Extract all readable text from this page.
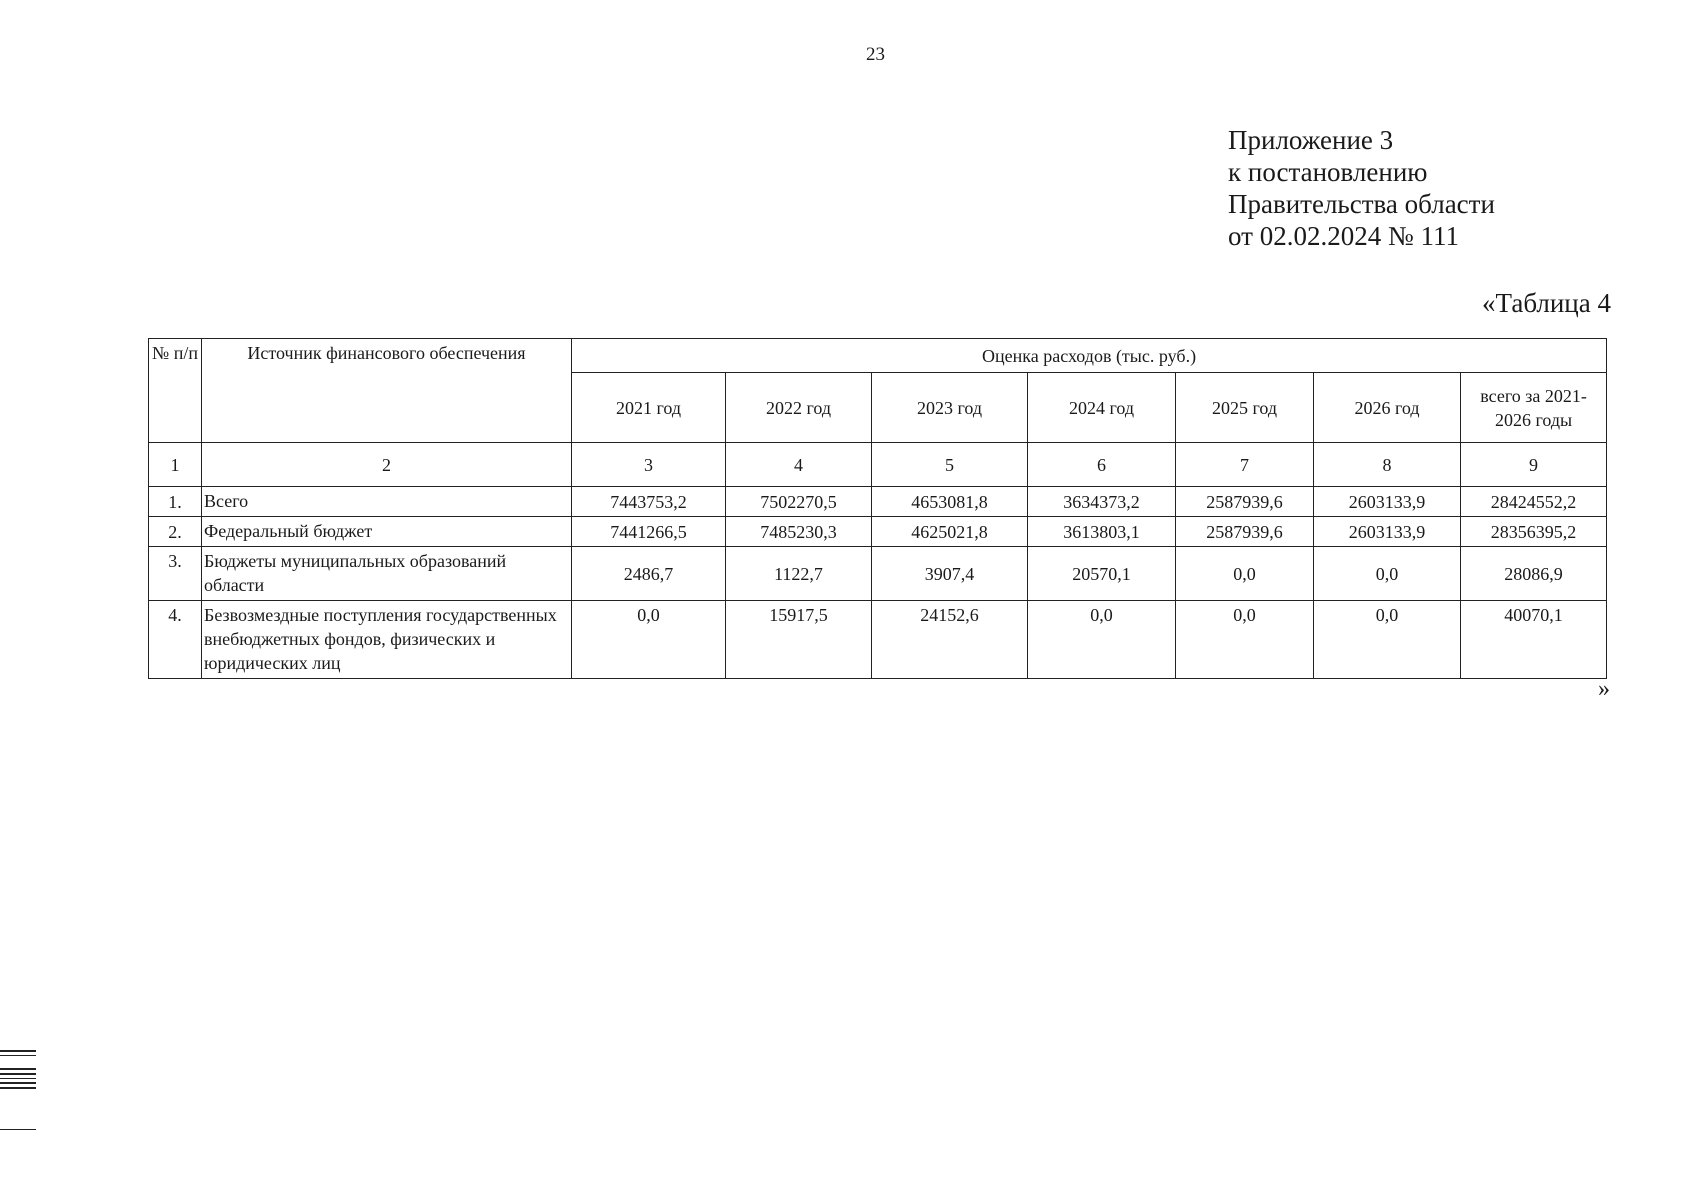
23
Приложение 3
к постановлению
Правительства области
от 02.02.2024 № 111
«Таблица 4
№ п/п	Источник финансового обеспечения	Оценка расходов (тыс. руб.)						
		2021 год	2022 год	2023 год	2024 год	2025 год	2026 год	всего за 2021-2026 годы
1	2	3	4	5	6	7	8	9
1.	Всего	7443753,2	7502270,5	4653081,8	3634373,2	2587939,6	2603133,9	28424552,2
2.	Федеральный бюджет	7441266,5	7485230,3	4625021,8	3613803,1	2587939,6	2603133,9	28356395,2
3.	Бюджеты муниципальных образований области	2486,7	1122,7	3907,4	20570,1	0,0	0,0	28086,9
4.	Безвозмездные поступления государственных внебюджетных фондов, физических и юридических лиц	0,0	15917,5	24152,6	0,0	0,0	0,0	40070,1
»
